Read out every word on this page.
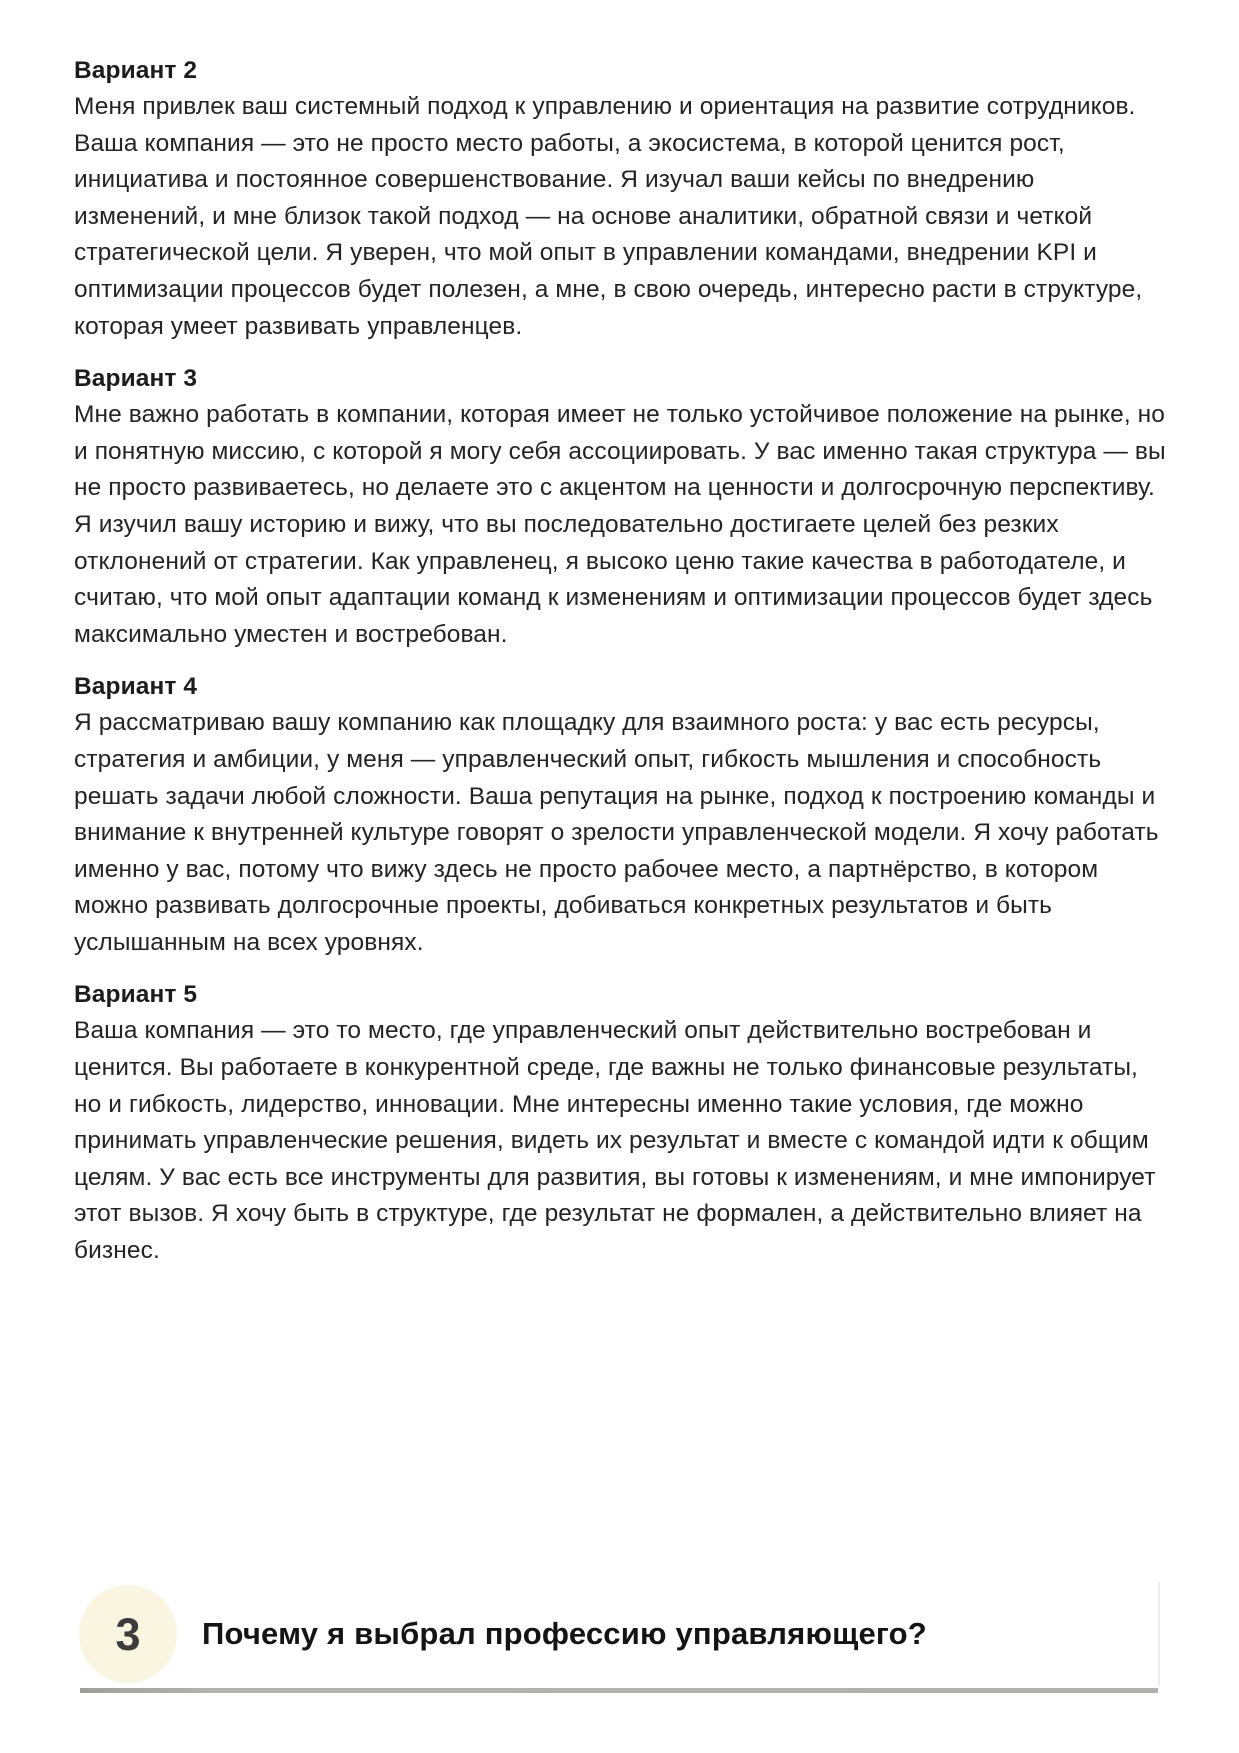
Вариант 2

Меня привлек ваш системный подход к управлению и ориентация на развитие сотрудников. Ваша компания — это не просто место работы, а экосистема, в которой ценится рост, инициатива и постоянное совершенствование. Я изучал ваши кейсы по внедрению изменений, и мне близок такой подход — на основе аналитики, обратной связи и четкой стратегической цели. Я уверен, что мой опыт в управлении командами, внедрении KPI и оптимизации процессов будет полезен, а мне, в свою очередь, интересно расти в структуре, которая умеет развивать управленцев.

Вариант 3

Мне важно работать в компании, которая имеет не только устойчивое положение на рынке, но и понятную миссию, с которой я могу себя ассоциировать. У вас именно такая структура — вы не просто развиваетесь, но делаете это с акцентом на ценности и долгосрочную перспективу. Я изучил вашу историю и вижу, что вы последовательно достигаете целей без резких отклонений от стратегии. Как управленец, я высоко ценю такие качества в работодателе, и считаю, что мой опыт адаптации команд к изменениям и оптимизации процессов будет здесь максимально уместен и востребован.

Вариант 4

Я рассматриваю вашу компанию как площадку для взаимного роста: у вас есть ресурсы, стратегия и амбиции, у меня — управленческий опыт, гибкость мышления и способность решать задачи любой сложности. Ваша репутация на рынке, подход к построению команды и внимание к внутренней культуре говорят о зрелости управленческой модели. Я хочу работать именно у вас, потому что вижу здесь не просто рабочее место, а партнёрство, в котором можно развивать долгосрочные проекты, добиваться конкретных результатов и быть услышанным на всех уровнях.

Вариант 5

Ваша компания — это то место, где управленческий опыт действительно востребован и ценится. Вы работаете в конкурентной среде, где важны не только финансовые результаты, но и гибкость, лидерство, инновации. Мне интересны именно такие условия, где можно принимать управленческие решения, видеть их результат и вместе с командой идти к общим целям. У вас есть все инструменты для развития, вы готовы к изменениям, и мне импонирует этот вызов. Я хочу быть в структуре, где результат не формален, а действительно влияет на бизнес.

3 Почему я выбрал профессию управляющего?
